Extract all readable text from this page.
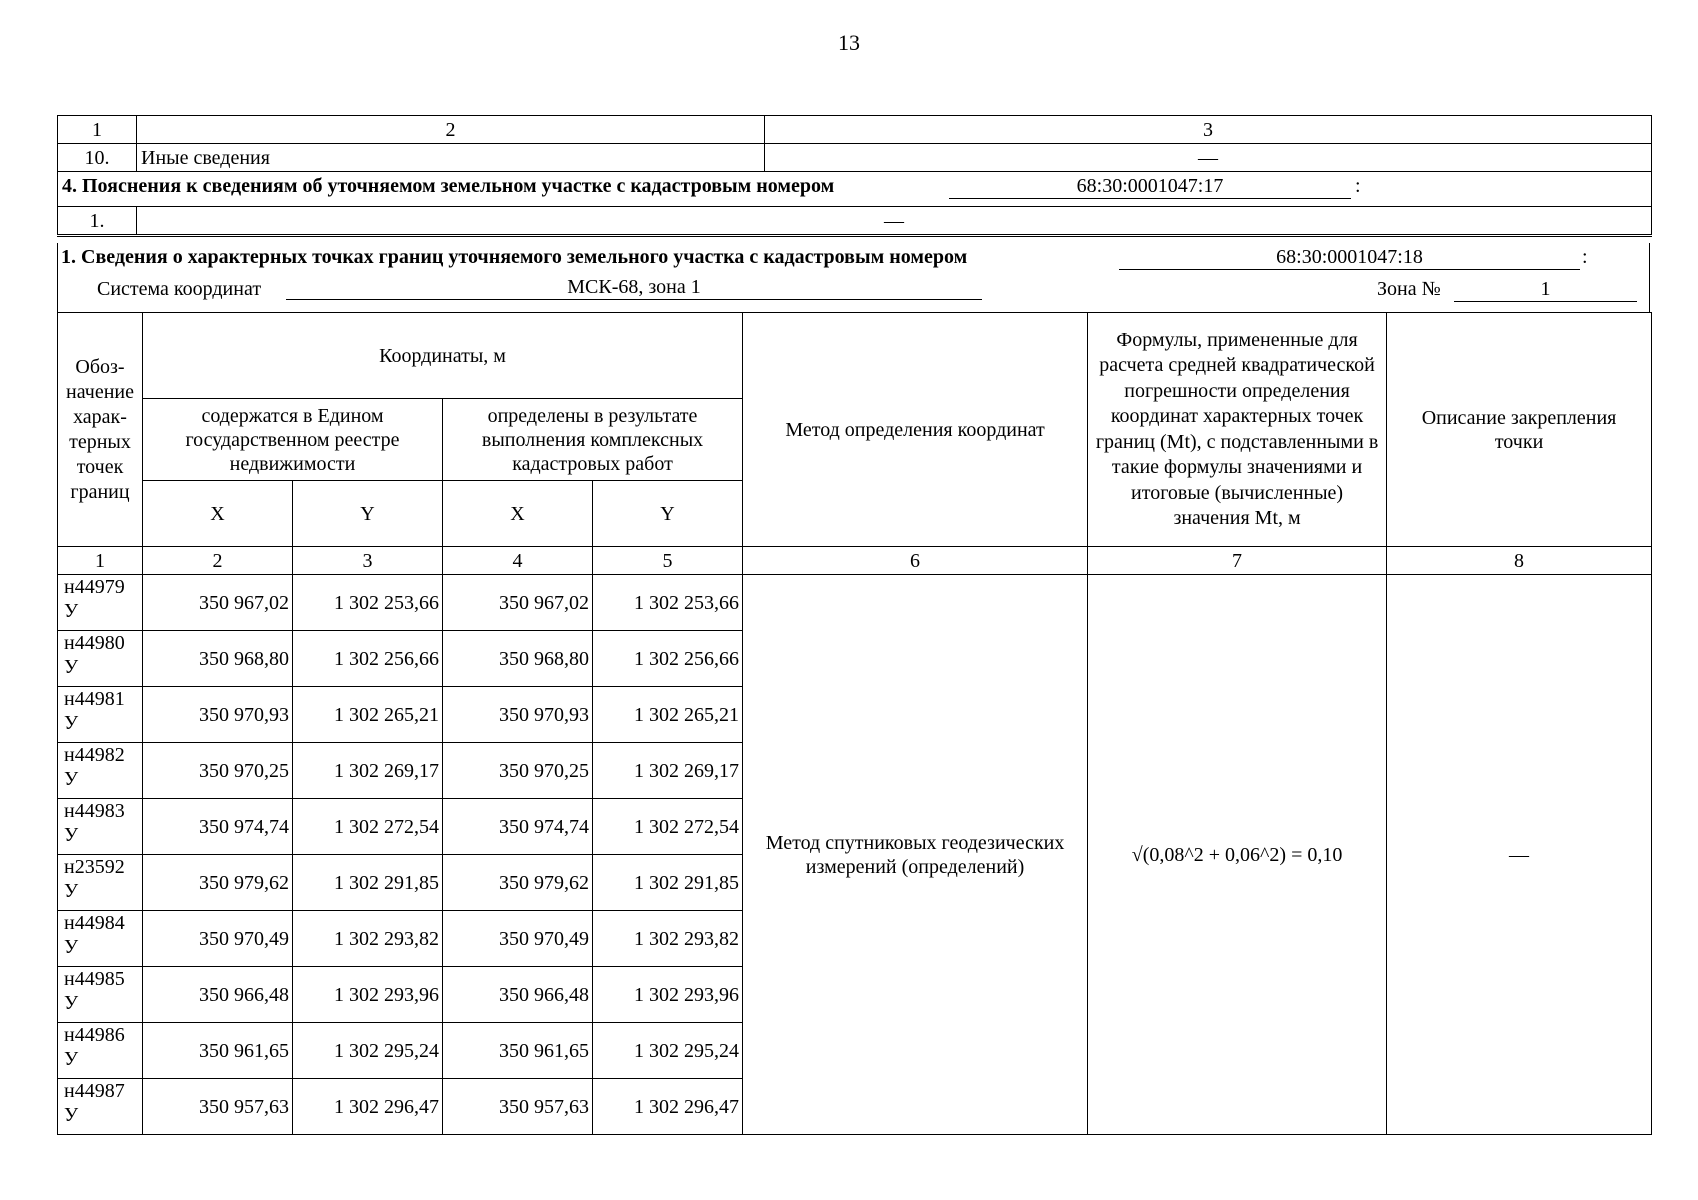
13
1	2	3
10.	Иные сведения	—

4. Пояснения к сведениям об уточняемом земельном участке с кадастровым номером 68:30:0001047:17 :		

1.	—	
1. Сведения о характерных точках границ уточняемого земельного участка с кадастровым номером	68:30:0001047:18	:
Система координат	МСК-68, зона 1	Зона №	1
Обоз-начение харак-терных точек границ	Координаты, м				Метод определения координат	Формулы, примененные для расчета средней квадратической погрешности определения координат характерных точек границ (Mt), с подставленными в такие формулы значениями и итоговые (вычисленные) значения Mt, м	Описание закрепления точки
	содержатся в Едином государственном реестре недвижимости		определены в результате выполнения комплексных кадастровых работ				
	X	Y	X	Y			
1	2	3	4	5	6	7	8
н44979 У	350 967,02	1 302 253,66	350 967,02	1 302 253,66	Метод спутниковых геодезических измерений (определений)	√(0,08^2 + 0,06^2) = 0,10	—
н44980 У	350 968,80	1 302 256,66	350 968,80	1 302 256,66			
н44981 У	350 970,93	1 302 265,21	350 970,93	1 302 265,21			
н44982 У	350 970,25	1 302 269,17	350 970,25	1 302 269,17			
н44983 У	350 974,74	1 302 272,54	350 974,74	1 302 272,54			
н23592 У	350 979,62	1 302 291,85	350 979,62	1 302 291,85			
н44984 У	350 970,49	1 302 293,82	350 970,49	1 302 293,82			
н44985 У	350 966,48	1 302 293,96	350 966,48	1 302 293,96			
н44986 У	350 961,65	1 302 295,24	350 961,65	1 302 295,24			
н44987 У	350 957,63	1 302 296,47	350 957,63	1 302 296,47			
